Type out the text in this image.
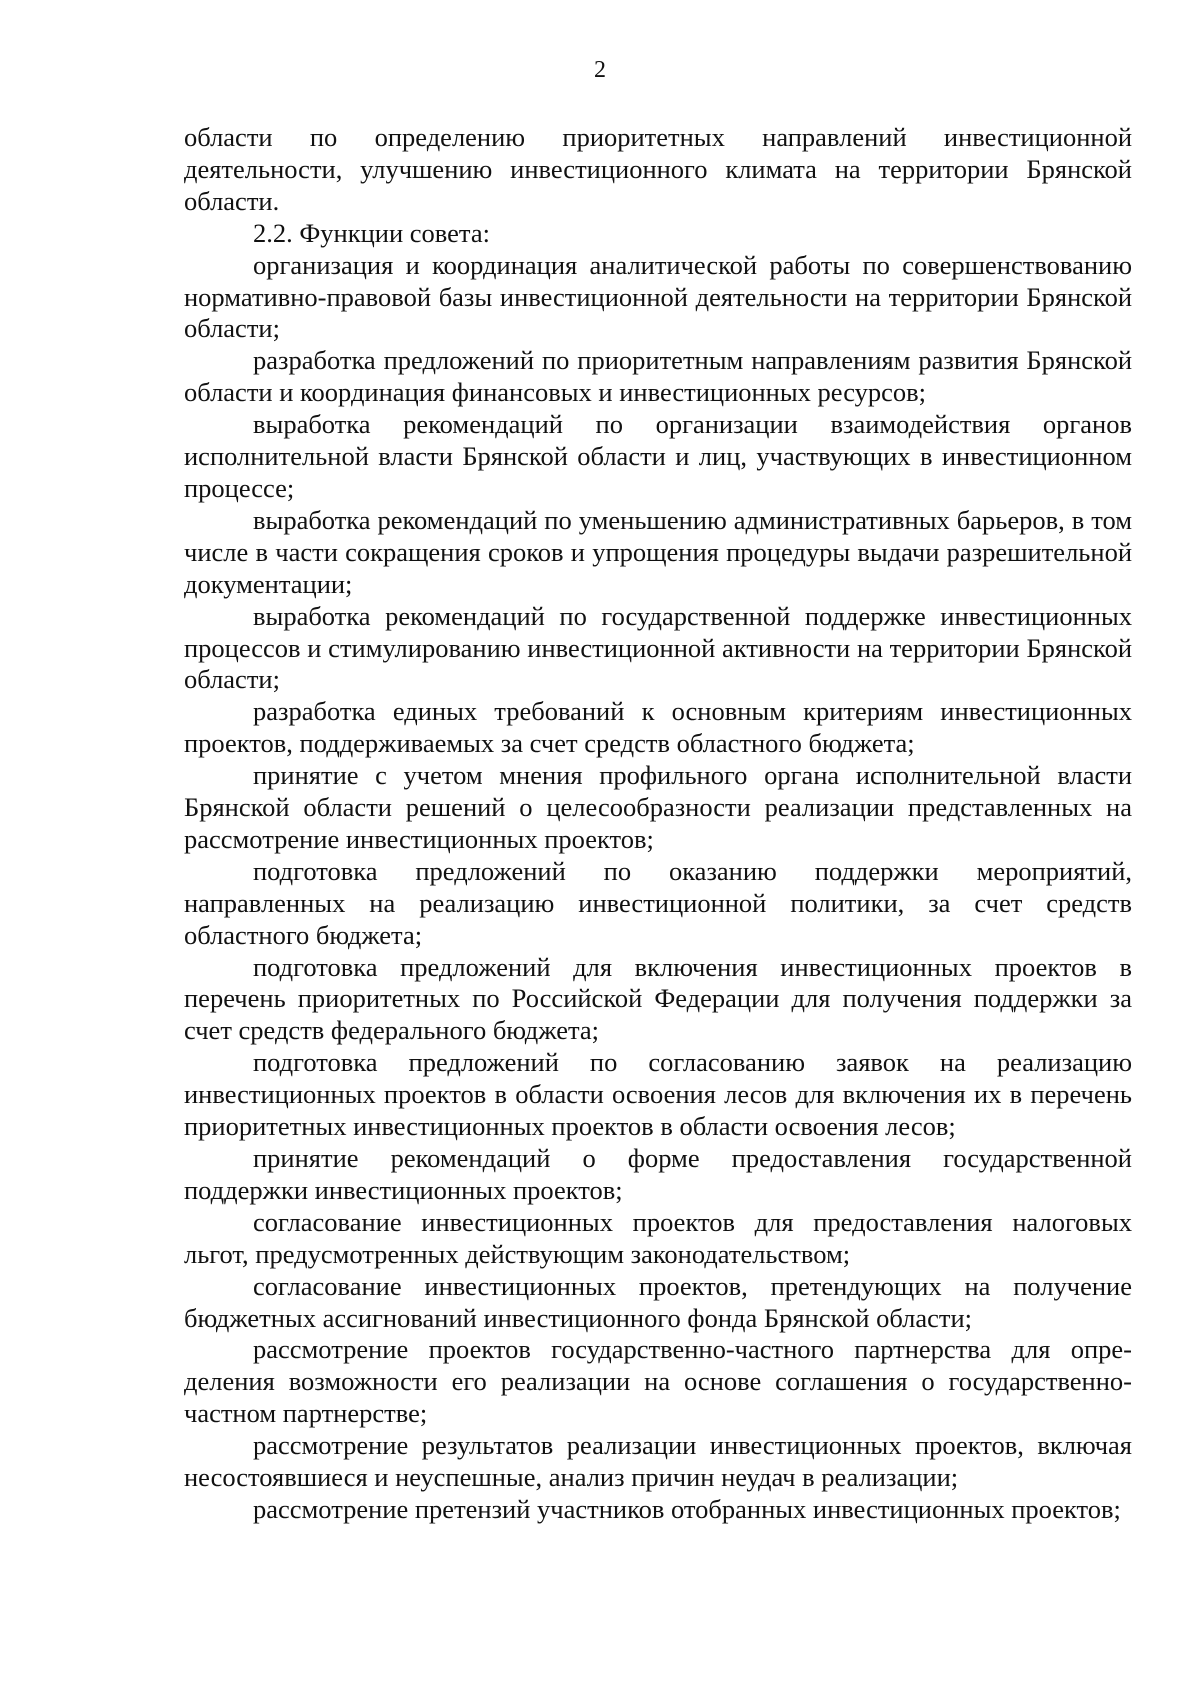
2

области по определению приоритетных направлений инвестиционной деятельности, улучшению инвестиционного климата на территории Брянской области.

2.2. Функции совета:

организация и координация аналитической работы по совершенствованию нормативно-правовой базы инвестиционной деятельности на территории Брянской области;

разработка предложений по приоритетным направлениям развития Брянской области и координация финансовых и инвестиционных ресурсов;

выработка рекомендаций по организации взаимодействия органов исполнительной власти Брянской области и лиц, участвующих в инвестиционном процессе;

выработка рекомендаций по уменьшению административных барьеров, в том числе в части сокращения сроков и упрощения процедуры выдачи разрешительной документации;

выработка рекомендаций по государственной поддержке инвестиционных процессов и стимулированию инвестиционной активности на территории Брянской области;

разработка единых требований к основным критериям инвестиционных проектов, поддерживаемых за счет средств областного бюджета;

принятие с учетом мнения профильного органа исполнительной власти Брянской области решений о целесообразности реализации представленных на рассмотрение инвестиционных проектов;

подготовка предложений по оказанию поддержки мероприятий, направленных на реализацию инвестиционной политики, за счет средств областного бюджета;

подготовка предложений для включения инвестиционных проектов в перечень приоритетных по Российской Федерации для получения поддержки за счет средств федерального бюджета;

подготовка предложений по согласованию заявок на реализацию инвестиционных проектов в области освоения лесов для включения их в перечень приоритетных инвестиционных проектов в области освоения лесов;

принятие рекомендаций о форме предоставления государственной поддержки инвестиционных проектов;

согласование инвестиционных проектов для предоставления налоговых льгот, предусмотренных действующим законодательством;

согласование инвестиционных проектов, претендующих на получение бюджетных ассигнований инвестиционного фонда Брянской области;

рассмотрение проектов государственно-частного партнерства для определения возможности его реализации на основе соглашения о государственно-частном партнерстве;

рассмотрение результатов реализации инвестиционных проектов, включая несостоявшиеся и неуспешные, анализ причин неудач в реализации;

рассмотрение претензий участников отобранных инвестиционных проектов;
